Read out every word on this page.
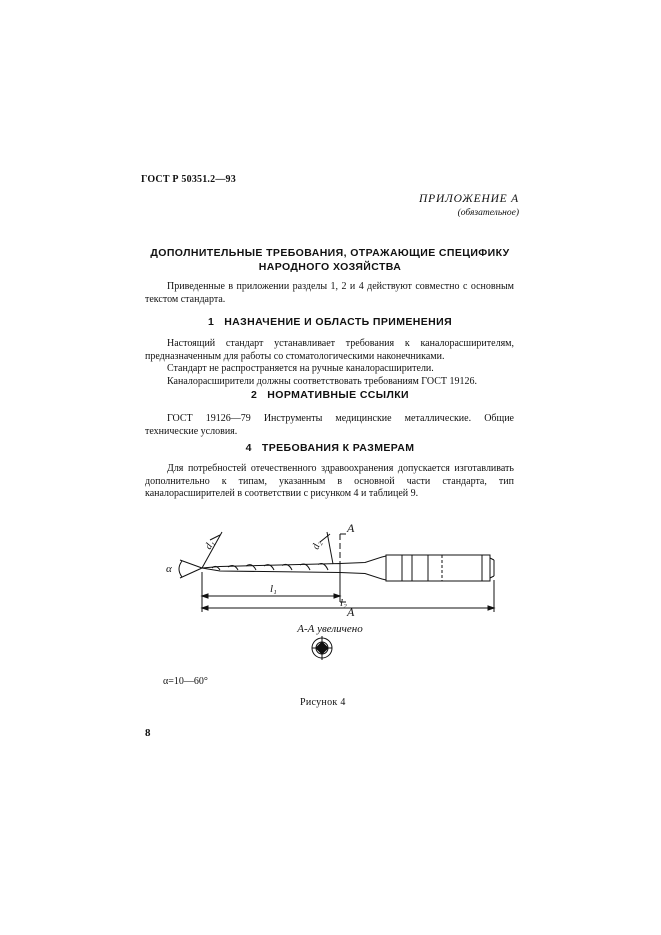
ГОСТ Р 50351.2—93
ПРИЛОЖЕНИЕ А
(обязательное)
ДОПОЛНИТЕЛЬНЫЕ ТРЕБОВАНИЯ, ОТРАЖАЮЩИЕ СПЕЦИФИКУ
НАРОДНОГО ХОЗЯЙСТВА

Приведенные в приложении разделы 1, 2 и 4 действуют совместно с основным текстом стандарта.

1 НАЗНАЧЕНИЕ И ОБЛАСТЬ ПРИМЕНЕНИЯ

Настоящий стандарт устанавливает требования к каналорасширителям, предназначенным для работы со стоматологическими наконечниками.

Стандарт не распространяется на ручные каналорасширители.

Каналорасширители должны соответствовать требованиям ГОСТ 19126.

2 НОРМАТИВНЫЕ ССЫЛКИ

ГОСТ 19126—79 Инструменты медицинские металлические. Общие технические условия.

4 ТРЕБОВАНИЯ К РАЗМЕРАМ

Для потребностей отечественного здравоохранения допускается изготавливать дополнительно к типам, указанным в основной части стандарта, тип каналорасширителей в соответствии с рисунком 4 и таблицей 9.

d₁	d₂
α
l₁
l₂
A
A
А-А увеличено
α=10—60°
Рисунок 4
8
